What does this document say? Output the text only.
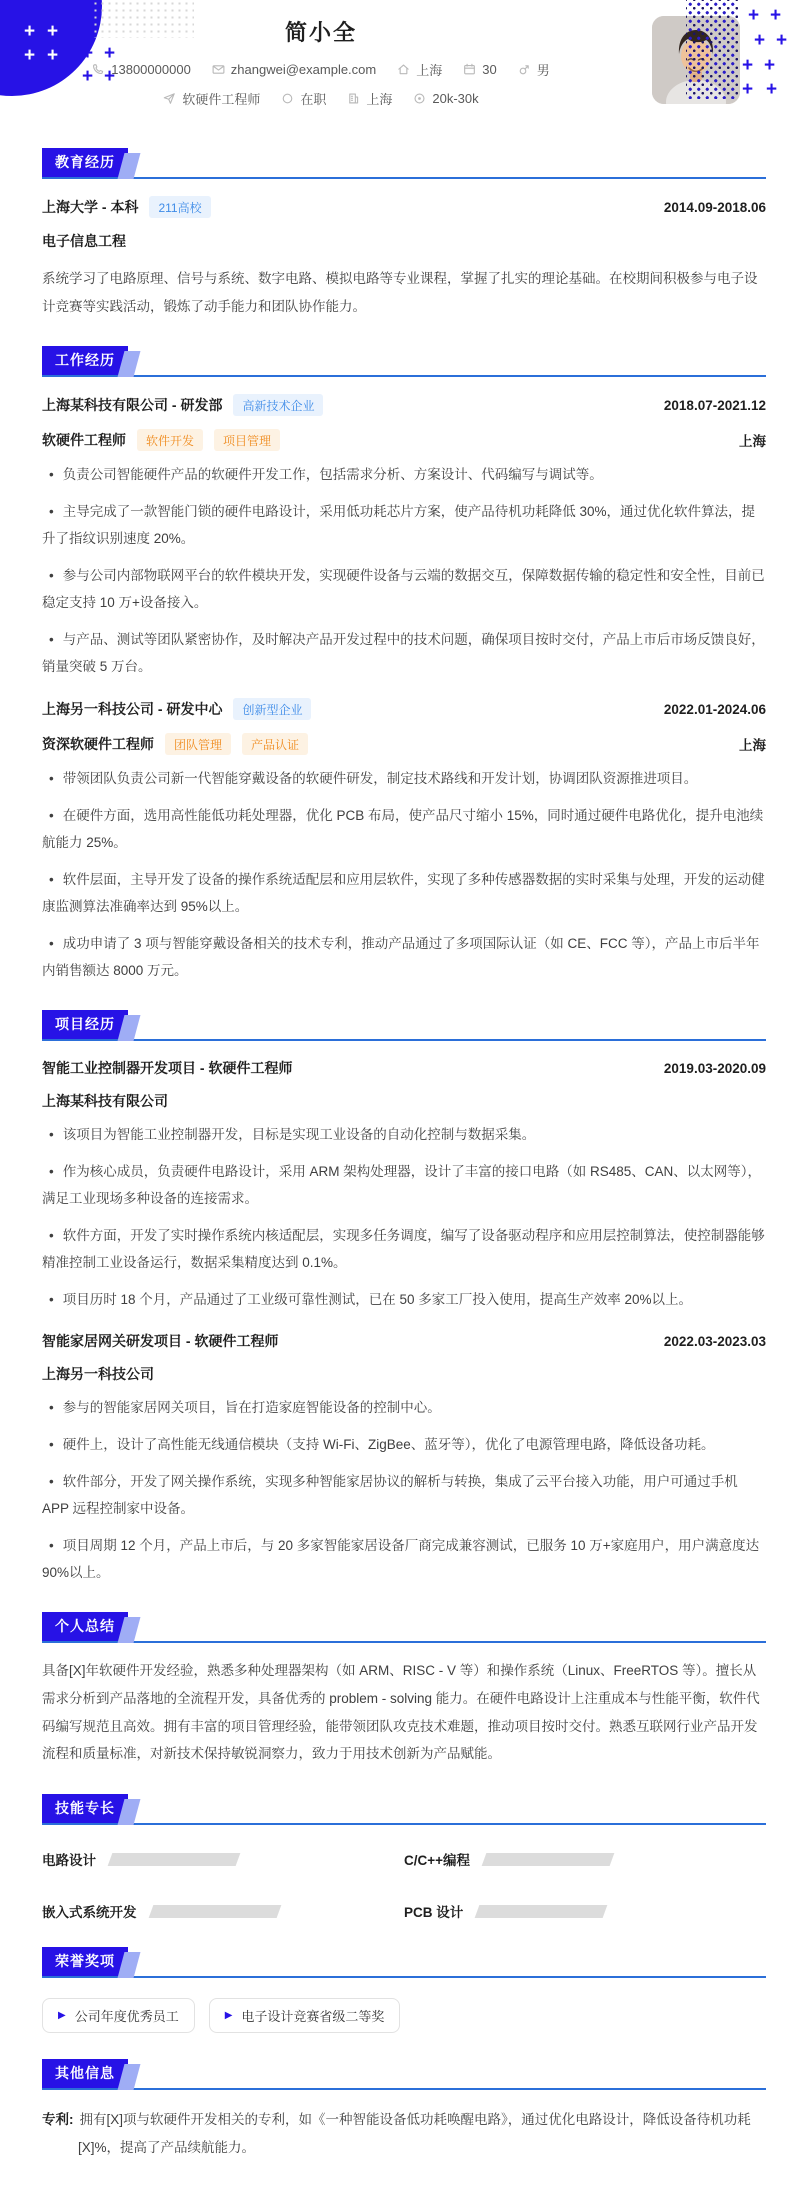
+ +
+ + + +
+ +
简小全
13800000000	zhangwei@example.com	上海	30	男
软硬件工程师	在职	上海	20k-30k
+ +
+ +
+ +
+ +
教育经历
上海大学 - 本科	211高校	2014.09-2018.06
电子信息工程
系统学习了电路原理、信号与系统、数字电路、模拟电路等专业课程，掌握了扎实的理论基础。在校期间积极参与电子设计竞赛等实践活动，锻炼了动手能力和团队协作能力。
工作经历
上海某科技有限公司 - 研发部	高新技术企业	2018.07-2021.12
软硬件工程师	软件开发	项目管理	上海
• 负责公司智能硬件产品的软硬件开发工作，包括需求分析、方案设计、代码编写与调试等。
• 主导完成了一款智能门锁的硬件电路设计，采用低功耗芯片方案，使产品待机功耗降低 30%，通过优化软件算法，提升了指纹识别速度 20%。
• 参与公司内部物联网平台的软件模块开发，实现硬件设备与云端的数据交互，保障数据传输的稳定性和安全性，目前已稳定支持 10 万+设备接入。
• 与产品、测试等团队紧密协作，及时解决产品开发过程中的技术问题，确保项目按时交付，产品上市后市场反馈良好，销量突破 5 万台。
上海另一科技公司 - 研发中心	创新型企业	2022.01-2024.06
资深软硬件工程师	团队管理	产品认证	上海
• 带领团队负责公司新一代智能穿戴设备的软硬件研发，制定技术路线和开发计划，协调团队资源推进项目。
• 在硬件方面，选用高性能低功耗处理器，优化 PCB 布局，使产品尺寸缩小 15%，同时通过硬件电路优化，提升电池续航能力 25%。
• 软件层面，主导开发了设备的操作系统适配层和应用层软件，实现了多种传感器数据的实时采集与处理，开发的运动健康监测算法准确率达到 95%以上。
• 成功申请了 3 项与智能穿戴设备相关的技术专利，推动产品通过了多项国际认证（如 CE、FCC 等），产品上市后半年内销售额达 8000 万元。
项目经历
智能工业控制器开发项目 - 软硬件工程师	2019.03-2020.09
上海某科技有限公司
• 该项目为智能工业控制器开发，目标是实现工业设备的自动化控制与数据采集。
• 作为核心成员，负责硬件电路设计，采用 ARM 架构处理器，设计了丰富的接口电路（如 RS485、CAN、以太网等），满足工业现场多种设备的连接需求。
• 软件方面，开发了实时操作系统内核适配层，实现多任务调度，编写了设备驱动程序和应用层控制算法，使控制器能够精准控制工业设备运行，数据采集精度达到 0.1%。
• 项目历时 18 个月，产品通过了工业级可靠性测试，已在 50 多家工厂投入使用，提高生产效率 20%以上。
智能家居网关研发项目 - 软硬件工程师	2022.03-2023.03
上海另一科技公司
• 参与的智能家居网关项目，旨在打造家庭智能设备的控制中心。
• 硬件上，设计了高性能无线通信模块（支持 Wi-Fi、ZigBee、蓝牙等），优化了电源管理电路，降低设备功耗。
• 软件部分，开发了网关操作系统，实现多种智能家居协议的解析与转换，集成了云平台接入功能，用户可通过手机 APP 远程控制家中设备。
• 项目周期 12 个月，产品上市后，与 20 多家智能家居设备厂商完成兼容测试，已服务 10 万+家庭用户，用户满意度达 90%以上。
个人总结
具备[X]年软硬件开发经验，熟悉多种处理器架构（如 ARM、RISC - V 等）和操作系统（Linux、FreeRTOS 等）。擅长从需求分析到产品落地的全流程开发，具备优秀的 problem - solving 能力。在硬件电路设计上注重成本与性能平衡，软件代码编写规范且高效。拥有丰富的项目管理经验，能带领团队攻克技术难题，推动项目按时交付。熟悉互联网行业产品开发流程和质量标准，对新技术保持敏锐洞察力，致力于用技术创新为产品赋能。
技能专长
电路设计	C/C++编程
嵌入式系统开发	PCB 设计
荣誉奖项
▶ 公司年度优秀员工	▶ 电子设计竞赛省级二等奖
其他信息
专利: 拥有[X]项与软硬件开发相关的专利，如《一种智能设备低功耗唤醒电路》，通过优化电路设计，降低设备待机功耗[X]%，提高了产品续航能力。
